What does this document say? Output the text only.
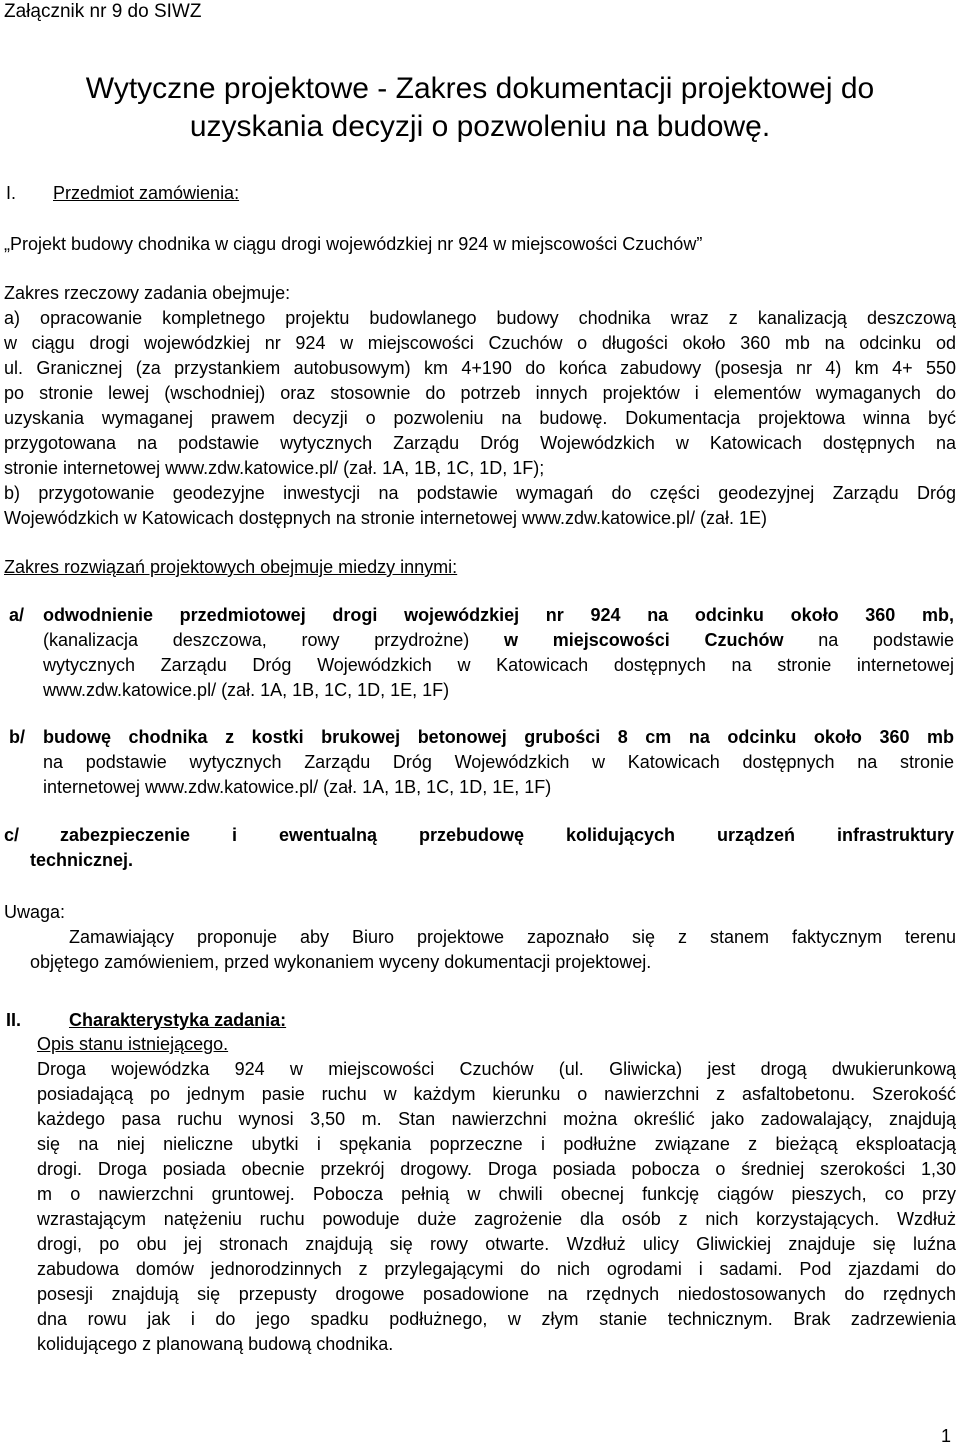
Załącznik nr 9 do SIWZ
Wytyczne projektowe - Zakres dokumentacji projektowej do
uzyskania decyzji o pozwoleniu na budowę.
I. Przedmiot zamówienia:
„Projekt budowy chodnika w ciągu drogi wojewódzkiej nr 924 w miejscowości Czuchów”
Zakres rzeczowy zadania obejmuje:
a) opracowanie kompletnego projektu budowlanego budowy chodnika wraz z kanalizacją deszczową
w ciągu drogi wojewódzkiej nr 924 w miejscowości Czuchów o długości około 360 mb na odcinku od
ul. Granicznej (za przystankiem autobusowym) km 4+190 do końca zabudowy (posesja nr 4) km 4+ 550
po stronie lewej (wschodniej) oraz stosownie do potrzeb innych projektów i elementów wymaganych do
uzyskania wymaganej prawem decyzji o pozwoleniu na budowę. Dokumentacja projektowa winna być
przygotowana na podstawie wytycznych Zarządu Dróg Wojewódzkich w Katowicach dostępnych na
stronie internetowej www.zdw.katowice.pl/ (zał. 1A, 1B, 1C, 1D, 1F);
b) przygotowanie geodezyjne inwestycji na podstawie wymagań do części geodezyjnej Zarządu Dróg
Wojewódzkich w Katowicach dostępnych na stronie internetowej www.zdw.katowice.pl/ (zał. 1E)
Zakres rozwiązań projektowych obejmuje miedzy innymi:
a/ odwodnienie przedmiotowej drogi wojewódzkiej nr 924 na odcinku około 360 mb,
(kanalizacja deszczowa, rowy przydrożne) w miejscowości Czuchów na podstawie
wytycznych Zarządu Dróg Wojewódzkich w Katowicach dostępnych na stronie internetowej
www.zdw.katowice.pl/ (zał. 1A, 1B, 1C, 1D, 1E, 1F)
b/ budowę chodnika z kostki brukowej betonowej grubości 8 cm na odcinku około 360 mb
na podstawie wytycznych Zarządu Dróg Wojewódzkich w Katowicach dostępnych na stronie
internetowej www.zdw.katowice.pl/ (zał. 1A, 1B, 1C, 1D, 1E, 1F)
c/ zabezpieczenie i ewentualną przebudowę kolidujących urządzeń infrastruktury
technicznej.
Uwaga:
Zamawiający proponuje aby Biuro projektowe zapoznało się z stanem faktycznym terenu
objętego zamówieniem, przed wykonaniem wyceny dokumentacji projektowej.
II.	Charakterystyka zadania:
Opis stanu istniejącego.
Droga wojewódzka 924 w miejscowości Czuchów (ul. Gliwicka) jest drogą dwukierunkową
posiadającą po jednym pasie ruchu w każdym kierunku o nawierzchni z asfaltobetonu. Szerokość
każdego pasa ruchu wynosi 3,50 m. Stan nawierzchni można określić jako zadowalający, znajdują
się na niej nieliczne ubytki i spękania poprzeczne i podłużne związane z bieżącą eksploatacją
drogi. Droga posiada obecnie przekrój drogowy. Droga posiada pobocza o średniej szerokości 1,30
m o nawierzchni gruntowej. Pobocza pełnią w chwili obecnej funkcję ciągów pieszych, co przy
wzrastającym natężeniu ruchu powoduje duże zagrożenie dla osób z nich korzystających. Wzdłuż
drogi, po obu jej stronach znajdują się rowy otwarte. Wzdłuż ulicy Gliwickiej znajduje się luźna
zabudowa domów jednorodzinnych z przylegającymi do nich ogrodami i sadami. Pod zjazdami do
posesji znajdują się przepusty drogowe posadowione na rzędnych niedostosowanych do rzędnych
dna rowu jak i do jego spadku podłużnego, w złym stanie technicznym. Brak zadrzewienia
kolidującego z planowaną budową chodnika.
1
